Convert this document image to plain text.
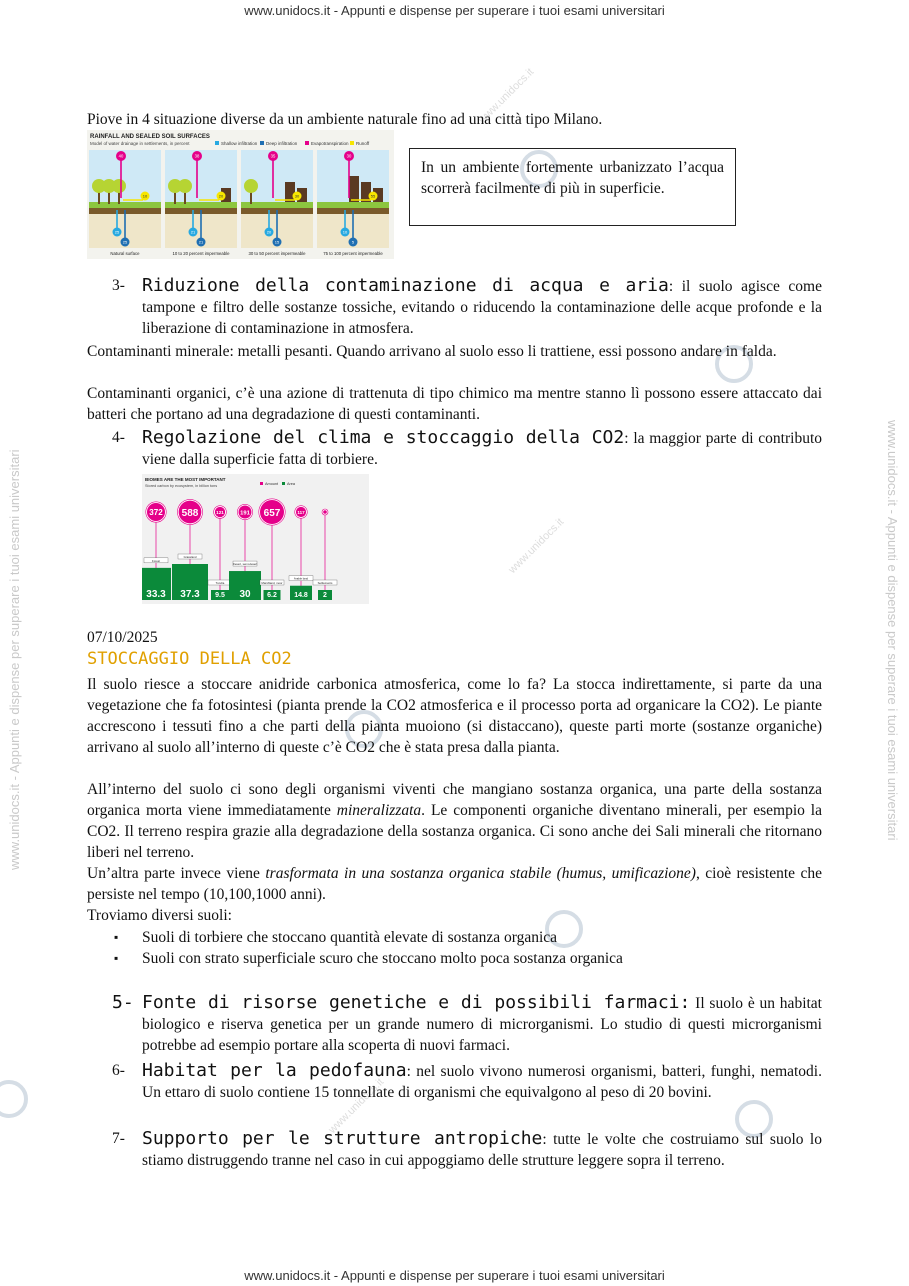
www.unidocs.it - Appunti e dispense per superare i tuoi esami universitari
www.unidocs.it - Appunti e dispense per superare i tuoi esami universitari
www.unidocs.it - Appunti e dispense per superare i tuoi esami universitari	www.unidocs.it - Appunti e dispense per superare i tuoi esami universitari
www.unidocs.it
www.unidocs.it
www.unidocs.it

Piove in 4 situazione diverse da un ambiente naturale fino ad una città tipo Milano.

RAINFALL AND SEALED SOIL SURFACES
Model of water drainage in settlements, in percent	Shallow infiltration Deep infiltration	Evapotranspiration Runoff
40
10
25
25
Natural surface
38
20
21
21
10 to 20 percent impermeable
35
30
20
15
30 to 50 percent impermeable
30
55
10
5
75 to 100 percent impermeable
In un ambiente fortemente urbanizzato l’acqua scorrerà facilmente di più in superficie.
3- Riduzione della contaminazione di acqua e aria: il suolo agisce come tampone e filtro delle sostanze tossiche, evitando o riducendo la contaminazione delle acque profonde e la liberazione di contaminazione in atmosfera.

Contaminanti minerale: metalli pesanti. Quando arrivano al suolo esso li trattiene, essi possono andare in falda.

Contaminanti organici, c’è una azione di trattenuta di tipo chimico ma mentre stanno lì possono essere attaccato dai batteri che portano ad una degradazione di questi contaminanti.

4- Regolazione del clima e stoccaggio della CO2: la maggior parte di contributo viene dalla superficie fatta di torbiere.
BIOMES ARE THE MOST IMPORTANT
Stored carbon by ecosystem, in billion tons	Amount Area
372
33.3
Forest
588
37.3
Grassland
121
9.5
Tundra
191
30
Desert, semi-desert
657
6.2
Marshland, moor
117
14.8
Arable land
2
Settlements

07/10/2025

STOCCAGGIO DELLA CO2

Il suolo riesce a stoccare anidride carbonica atmosferica, come lo fa? La stocca indirettamente, si parte da una vegetazione che fa fotosintesi (pianta prende la CO2 atmosferica e il processo porta ad organicare la CO2). Le piante accrescono i tessuti fino a che parti della pianta muoiono (si distaccano), queste parti morte (sostanze organiche) arrivano al suolo all’interno di queste c’è CO2 che è stata presa dalla pianta.

All’interno del suolo ci sono degli organismi viventi che mangiano sostanza organica, una parte della sostanza organica morta viene immediatamente mineralizzata. Le componenti organiche diventano minerali, per esempio la CO2. Il terreno respira grazie alla degradazione della sostanza organica. Ci sono anche dei Sali minerali che ritornano liberi nel terreno.

Un’altra parte invece viene trasformata in una sostanza organica stabile (humus, umificazione), cioè resistente che persiste nel tempo (10,100,1000 anni).

Troviamo diversi suoli:

▪ Suoli di torbiere che stoccano quantità elevate di sostanza organica
▪ Suoli con strato superficiale scuro che stoccano molto poca sostanza organica
5- Fonte di risorse genetiche e di possibili farmaci: Il suolo è un habitat biologico e riserva genetica per un grande numero di microrganismi. Lo studio di questi microrganismi potrebbe ad esempio portare alla scoperta di nuovi farmaci.
6- Habitat per la pedofauna: nel suolo vivono numerosi organismi, batteri, funghi, nematodi. Un ettaro di suolo contiene 15 tonnellate di organismi che equivalgono al peso di 20 bovini.
7- Supporto per le strutture antropiche: tutte le volte che costruiamo sul suolo lo stiamo distruggendo tranne nel caso in cui appoggiamo delle strutture leggere sopra il terreno.
